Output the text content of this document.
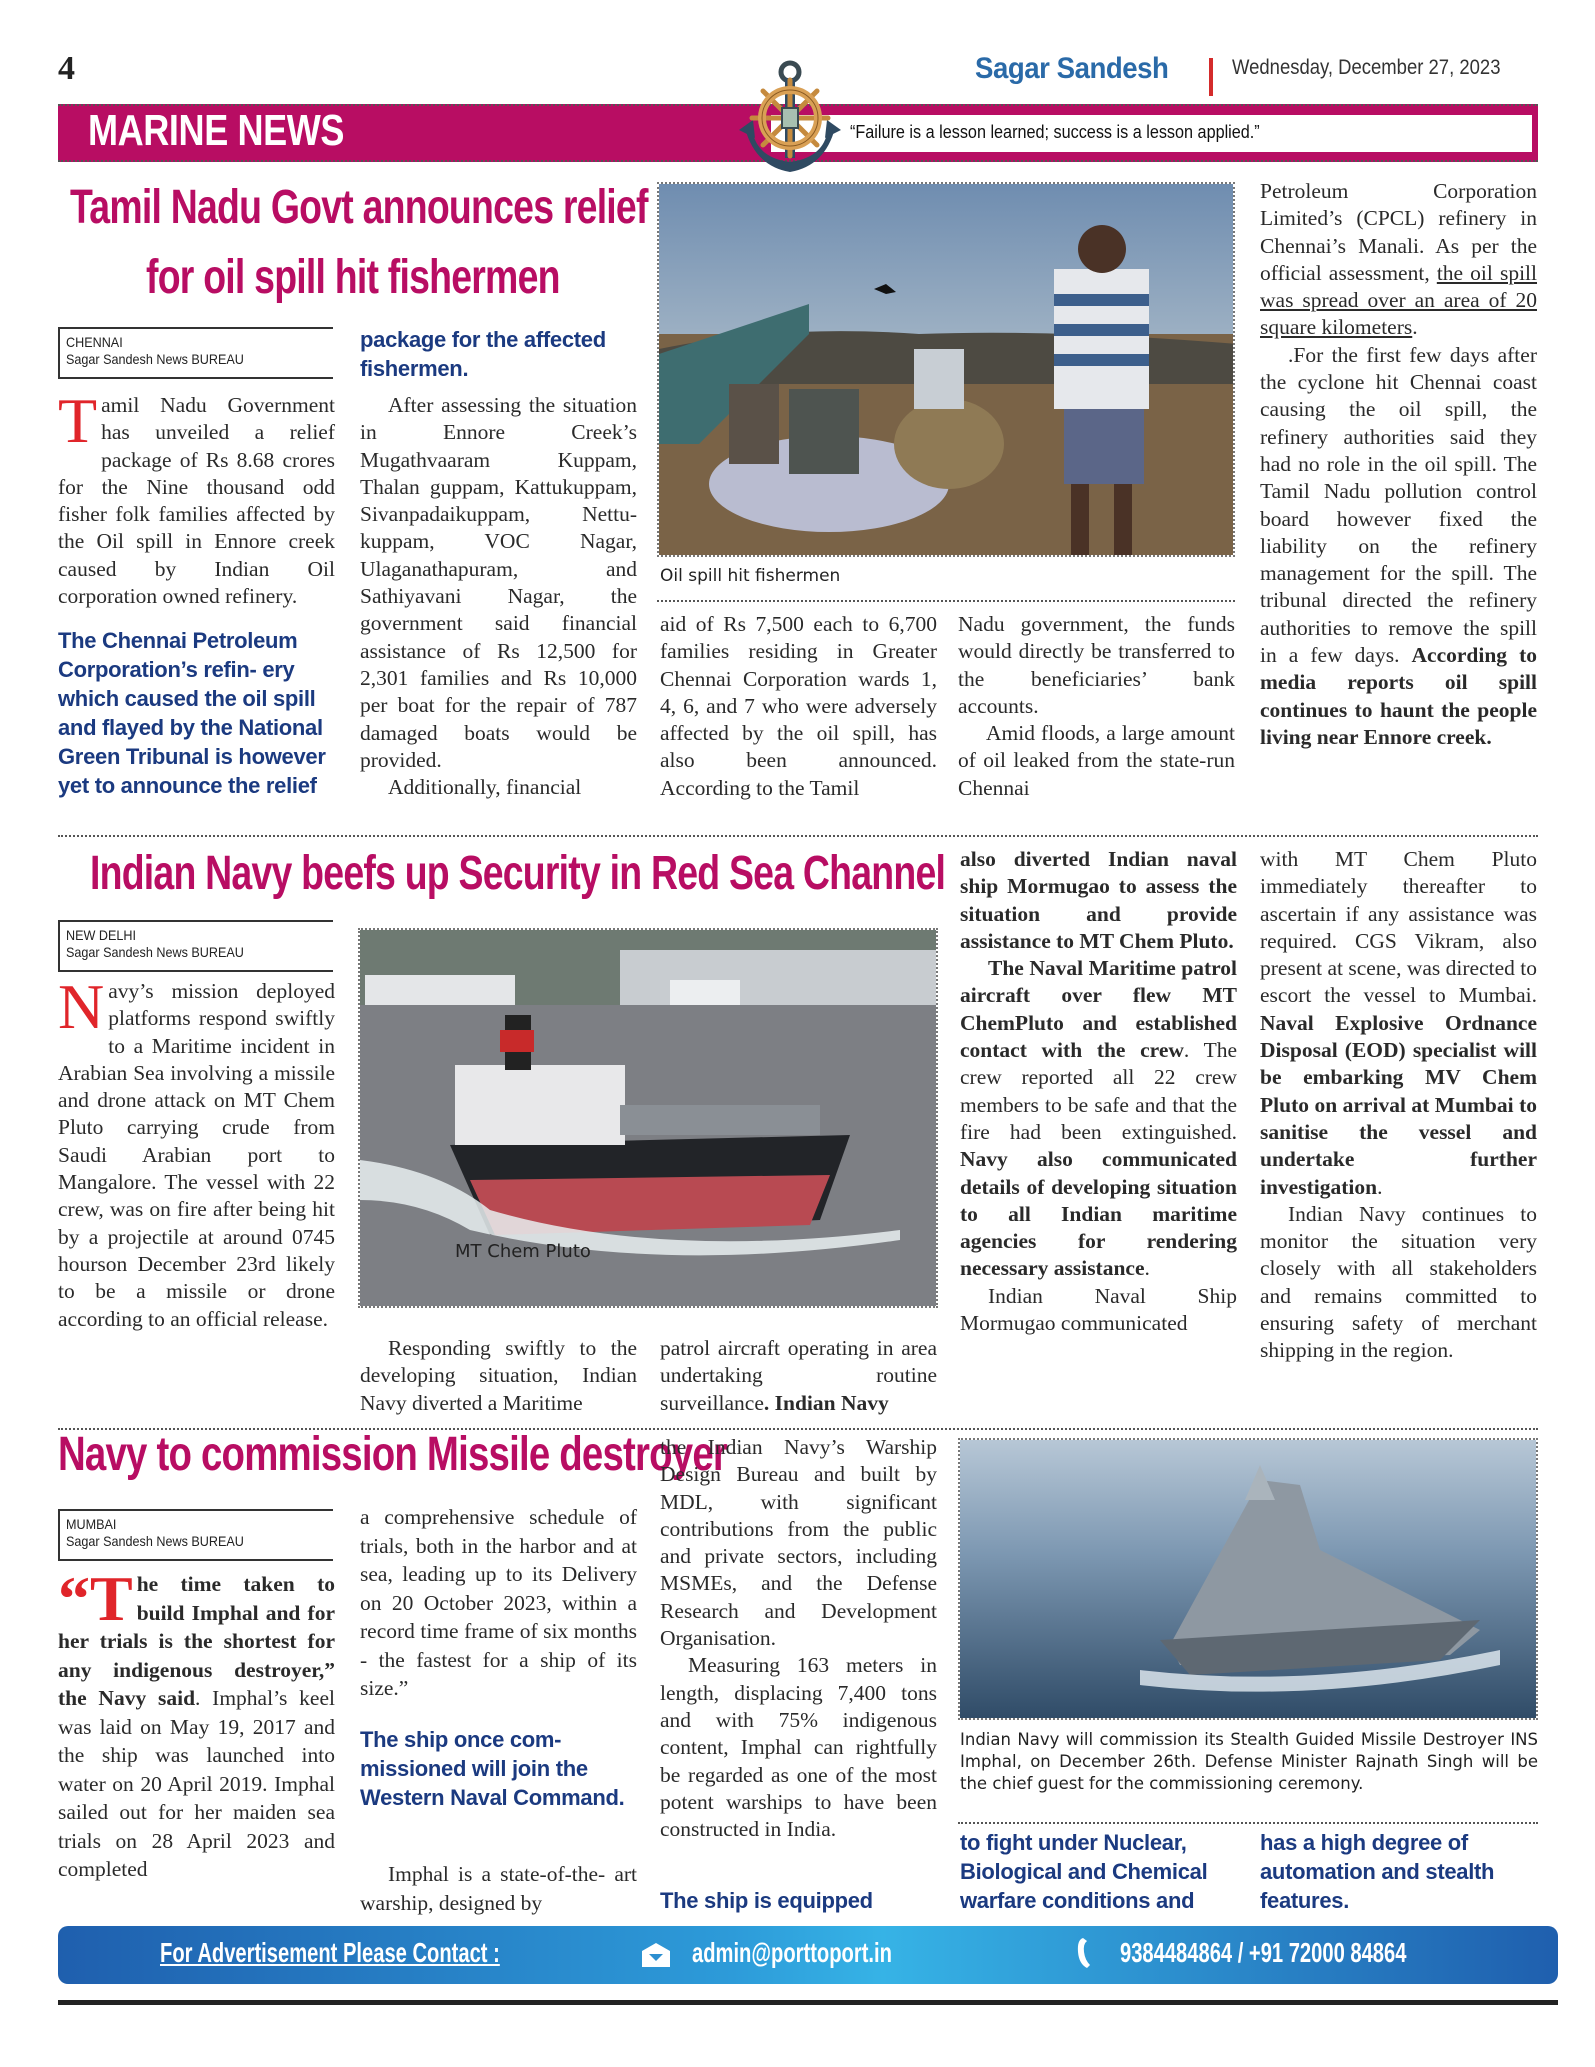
4	Sagar Sandesh	Wednesday, December 27, 2023
MARINE NEWS	“Failure is a lesson learned; success is a lesson applied.”
Tamil Nadu Govt announces relief
for oil spill hit fishermen
CHENNAI
Sagar Sandesh News BUREAU

Tamil Nadu Government has unveiled a relief package of Rs 8.68 crores for the Nine thousand odd fisher folk families affected by the Oil spill in Ennore creek caused by Indian Oil corporation owned refinery.

The Chennai Petroleum Corporation’s refin- ery which caused the oil spill and flayed by the National Green Tribunal is however yet to announce the relief
package for the affected fishermen.

After assessing the situation in Ennore Creek’s Mugathvaaram Kuppam, Thalan guppam, Kattukuppam, Sivanpadaikuppam, Nettu- kuppam, VOC Nagar, Ulaganathapuram, and Sathiyavani Nagar, the government said financial assistance of Rs 12,500 for 2,301 families and Rs 10,000 per boat for the repair of 787 damaged boats would be provided.

Additionally, financial

Oil spill hit fishermen

aid of Rs 7,500 each to 6,700 families residing in Greater Chennai Corporation wards 1, 4, 6, and 7 who were adversely affected by the oil spill, has also been announced. According to the Tamil

Nadu government, the funds would directly be transferred to the beneficiaries’ bank accounts.

Amid floods, a large amount of oil leaked from the state-run Chennai

Petroleum Corporation Limited’s (CPCL) refinery in Chennai’s Manali. As per the official assessment, the oil spill was spread over an area of 20 square kilometers.

.For the first few days after the cyclone hit Chennai coast causing the oil spill, the refinery authorities said they had no role in the oil spill. The Tamil Nadu pollution control board however fixed the liability on the refinery management for the spill. The tribunal directed the refinery authorities to remove the spill in a few days. According to media reports oil spill continues to haunt the people living near Ennore creek.

Indian Navy beefs up Security in Red Sea Channel
NEW DELHI
Sagar Sandesh News BUREAU

Navy’s mission deployed platforms respond swiftly to a Maritime incident in Arabian Sea involving a missile and drone attack on MT Chem Pluto carrying crude from Saudi Arabian port to Mangalore. The vessel with 22 crew, was on fire after being hit by a projectile at around 0745 hourson December 23rd likely to be a missile or drone according to an official release.

MT Chem Pluto

Responding swiftly to the developing situation, Indian Navy diverted a Maritime

patrol aircraft operating in area undertaking routine surveillance. Indian Navy

also diverted Indian naval ship Mormugao to assess the situation and provide assistance to MT Chem Pluto.

The Naval Maritime patrol aircraft over flew MT ChemPluto and established contact with the crew. The crew reported all 22 crew members to be safe and that the fire had been extinguished. Navy also communicated details of developing situation to all Indian maritime agencies for rendering necessary assistance.

Indian Naval Ship Mormugao communicated

with MT Chem Pluto immediately thereafter to ascertain if any assistance was required. CGS Vikram, also present at scene, was directed to escort the vessel to Mumbai. Naval Explosive Ordnance Disposal (EOD) specialist will be embarking MV Chem Pluto on arrival at Mumbai to sanitise the vessel and undertake further investigation.

Indian Navy continues to monitor the situation very closely with all stakeholders and remains committed to ensuring safety of merchant shipping in the region.

Navy to commission Missile destroyer
MUMBAI
Sagar Sandesh News BUREAU

“The time taken to build Imphal and for her trials is the shortest for any indigenous destroyer,” the Navy said. Imphal’s keel was laid on May 19, 2017 and the ship was launched into water on 20 April 2019. Imphal sailed out for her maiden sea trials on 28 April 2023 and completed

a comprehensive schedule of trials, both in the harbor and at sea, leading up to its Delivery on 20 October 2023, within a record time frame of six months - the fastest for a ship of its size.”

The ship once com- missioned will join the Western Naval Command.

Imphal is a state-of-the- art warship, designed by

the Indian Navy’s Warship Design Bureau and built by MDL, with significant contributions from the public and private sectors, including MSMEs, and the Defense Research and Development Organisation.

Measuring 163 meters in length, displacing 7,400 tons and with 75% indigenous content, Imphal can rightfully be regarded as one of the most potent warships to have been constructed in India.

The ship is equipped
Indian Navy will commission its Stealth Guided Missile Destroyer INS Imphal, on December 26th. Defense Minister Rajnath Singh will be the chief guest for the commissioning ceremony.
to fight under Nuclear, Biological and Chemical warfare conditions and
has a high degree of automation and stealth features.
For Advertisement Please Contact :	admin@porttoport.in	9384484864 / +91 72000 84864
